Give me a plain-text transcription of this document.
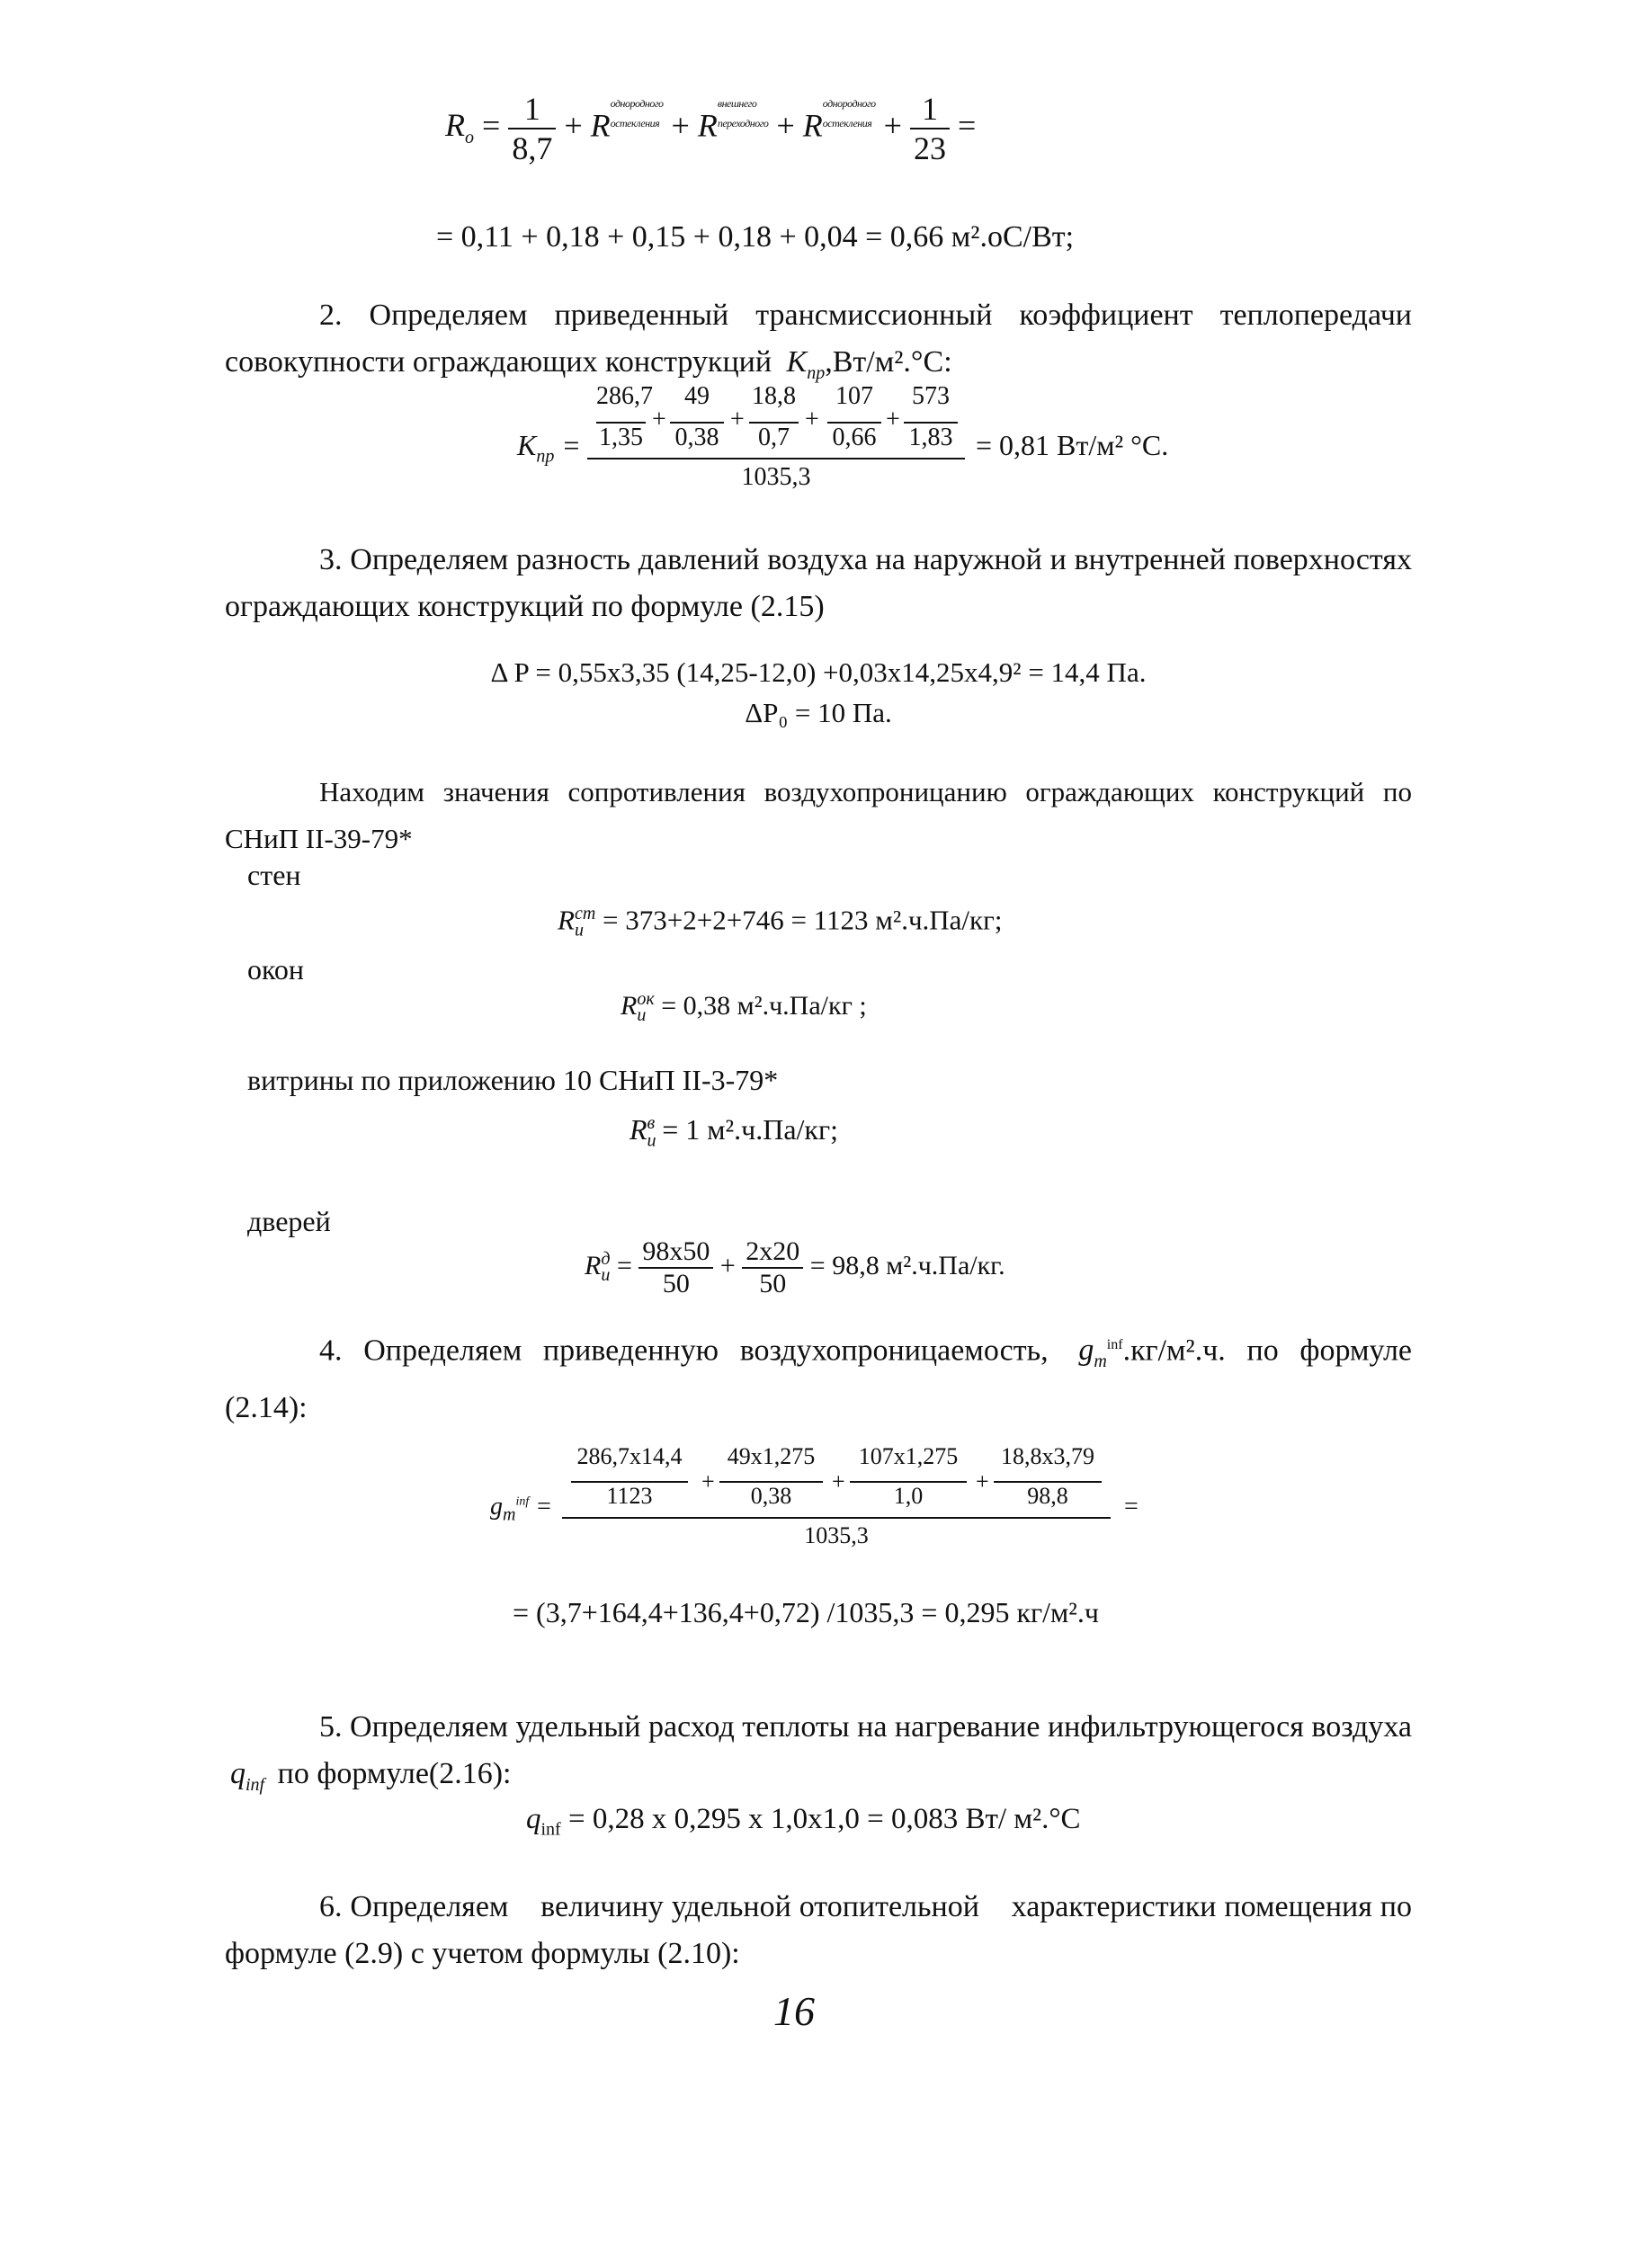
$R_o = \frac{1}{8,7}$ + Rоднородного
остекления + Rвнешнего
переходного + Rоднородного
остекления + $\frac{1}{23}$ =
= 0,11 + 0,18 + 0,15 + 0,18 + 0,04 = 0,66 м².оС/Вт;
2. Определяем приведенный трансмиссионный коэффициент теплопередачи совокупности ограждающих конструкций $K_{пр},Вт/м^2.^\circ С$:
$K_{пр}$ =
286,7
1,35
+
49
0,38
+
18,8
0,7
+
107
0,66
+
573
1,83
1035,3
= 0,81 Вт/м² °С.
3. Определяем разность давлений воздуха на наружной и внутренней поверхностях ограждающих конструкций по формуле (2.15)
Δ P = 0,55x3,35 (14,25-12,0) +0,03x14,25x4,9² = 14,4 Па.
ΔP₀ = 10 Па.
Находим значения сопротивления воздухопроницанию ограждающих конструкций по СНиП II-39-79*
стен
$R_и^{ст} = 373+2+2+746 = 1123$ м².ч.Па/кг;
окон
$R_и^{ок} = 0,38$ м².ч.Па/кг ;
витрины по приложению 10 СНиП II-3-79*
$R_и^в = 1$ м².ч.Па/кг;
дверей
$R_и^д = \frac{98x50}{50} + \frac{2x20}{50} = 98,8$ м².ч.Па/кг.
4. Определяем приведенную воздухопроницаемость, $g_m^{inf}.кг/м^2.ч$. по формуле (2.14):
$g_m^{inf}$ =
286,7x14,4
1123
+
49x1,275
0,38
+
107x1,275
1,0
+
18,8x3,79
98,8
1035,3
=
= (3,7+164,4+136,4+0,72) /1035,3 = 0,295 кг/м².ч
5. Определяем удельный расход теплоты на нагревание инфильтрующегося воздуха $q_{inf}$ по формуле(2.16):
$q_{inf} = 0,28$ x 0,295 x 1,0x1,0 = 0,083 Вт/ м².°С
6. Определяем    величину удельной отопительной    характеристики помещения по формуле (2.9) с учетом формулы (2.10):
16
